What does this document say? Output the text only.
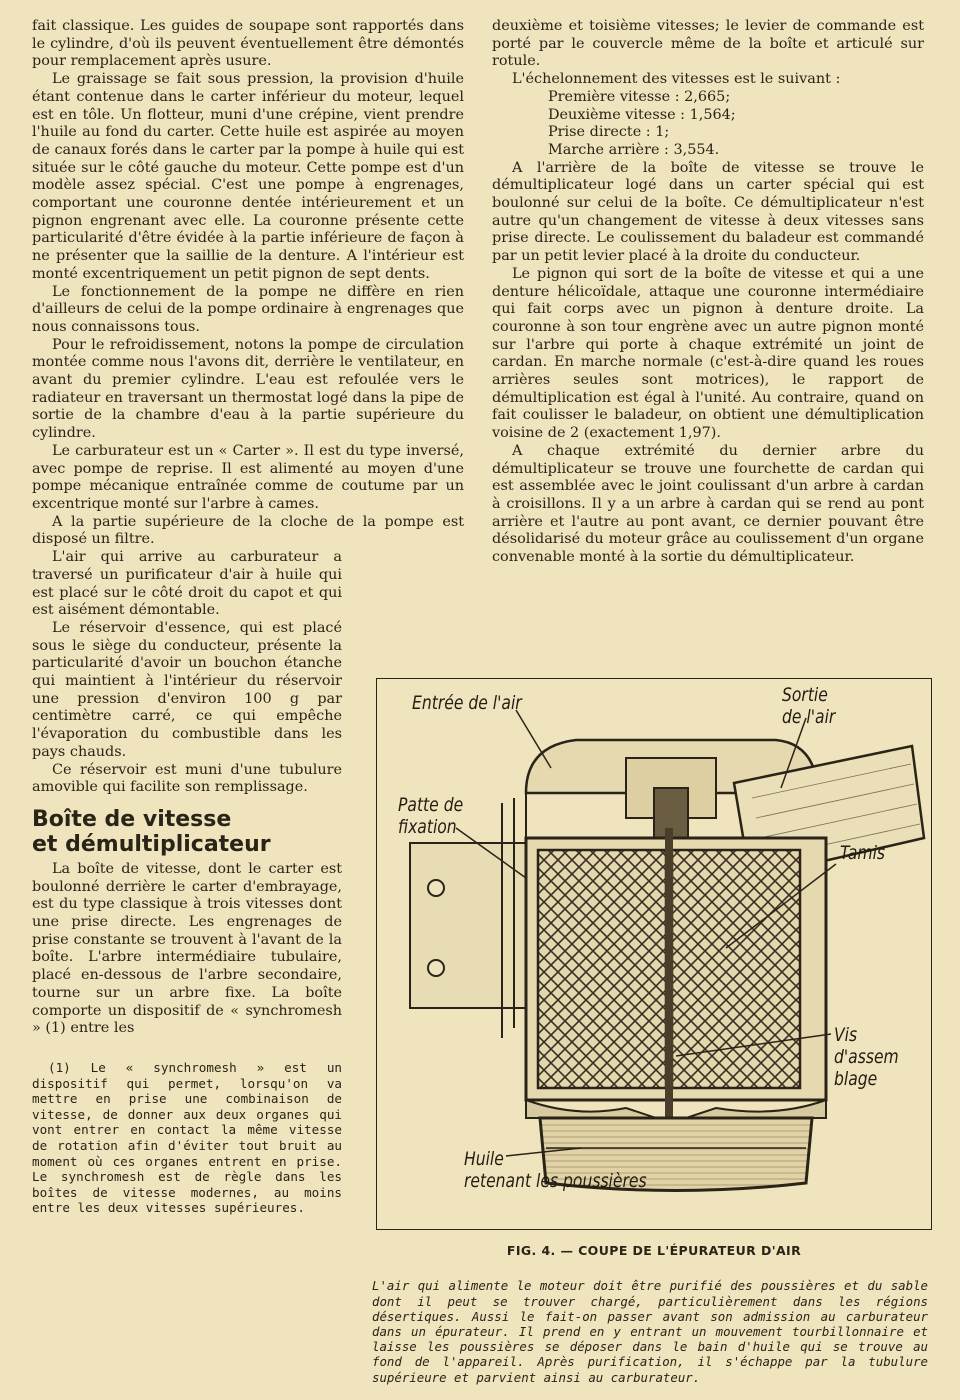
fait classique. Les guides de soupape sont rapportés dans le cylindre, d'où ils peuvent éventuellement être démontés pour remplacement après usure.

Le graissage se fait sous pression, la provision d'huile étant contenue dans le carter inférieur du moteur, lequel est en tôle. Un flotteur, muni d'une crépine, vient prendre l'huile au fond du carter. Cette huile est aspirée au moyen de canaux forés dans le carter par la pompe à huile qui est située sur le côté gauche du moteur. Cette pompe est d'un modèle assez spécial. C'est une pompe à engrenages, comportant une couronne dentée intérieurement et un pignon engrenant avec elle. La couronne présente cette particularité d'être évidée à la partie inférieure de façon à ne présenter que la saillie de la denture. A l'intérieur est monté excentriquement un petit pignon de sept dents.

Le fonctionnement de la pompe ne diffère en rien d'ailleurs de celui de la pompe ordinaire à engrenages que nous connaissons tous.

Pour le refroidissement, notons la pompe de circulation montée comme nous l'avons dit, derrière le ventilateur, en avant du premier cylindre. L'eau est refoulée vers le radiateur en traversant un thermostat logé dans la pipe de sortie de la chambre d'eau à la partie supérieure du cylindre.

Le carburateur est un « Carter ». Il est du type inversé, avec pompe de reprise. Il est alimenté au moyen d'une pompe mécanique entraînée comme de coutume par un excentrique monté sur l'arbre à cames.

A la partie supérieure de la cloche de la pompe est disposé un filtre.

L'air qui arrive au carburateur a traversé un purificateur d'air à huile qui est placé sur le côté droit du capot et qui est aisément démontable.

Le réservoir d'essence, qui est placé sous le siège du conducteur, présente la particularité d'avoir un bouchon étanche qui maintient à l'intérieur du réservoir une pression d'environ 100 g par centimètre carré, ce qui empêche l'évaporation du combustible dans les pays chauds.

Ce réservoir est muni d'une tubulure amovible qui facilite son remplissage.

Boîte de vitesse
et démultiplicateur

La boîte de vitesse, dont le carter est boulonné derrière le carter d'embrayage, est du type classique à trois vitesses dont une prise directe. Les engrenages de prise constante se trouvent à l'avant de la boîte. L'arbre intermédiaire tubulaire, placé en-dessous de l'arbre secondaire, tourne sur un arbre fixe. La boîte comporte un dispositif de « synchromesh » (1) entre les

(1) Le « synchromesh » est un dispositif qui permet, lorsqu'on va mettre en prise une combinaison de vitesse, de donner aux deux organes qui vont entrer en contact la même vitesse de rotation afin d'éviter tout bruit au moment où ces organes entrent en prise. Le synchromesh est de règle dans les boîtes de vitesse modernes, au moins entre les deux vitesses supérieures.

deuxième et toisième vitesses; le levier de commande est porté par le couvercle même de la boîte et articulé sur rotule.

L'échelonnement des vitesses est le suivant :

Première vitesse : 2,665;
Deuxième vitesse : 1,564;
Prise directe : 1;
Marche arrière : 3,554.

A l'arrière de la boîte de vitesse se trouve le démultiplicateur logé dans un carter spécial qui est boulonné sur celui de la boîte. Ce démultiplicateur n'est autre qu'un changement de vitesse à deux vitesses sans prise directe. Le coulissement du baladeur est commandé par un petit levier placé à la droite du conducteur.

Le pignon qui sort de la boîte de vitesse et qui a une denture hélicoïdale, attaque une couronne intermédiaire qui fait corps avec un pignon à denture droite. La couronne à son tour engrène avec un autre pignon monté sur l'arbre qui porte à chaque extrémité un joint de cardan. En marche normale (c'est-à-dire quand les roues arrières seules sont motrices), le rapport de démultiplication est égal à l'unité. Au contraire, quand on fait coulisser le baladeur, on obtient une démultiplication voisine de 2 (exactement 1,97).

A chaque extrémité du dernier arbre du démultiplicateur se trouve une fourchette de cardan qui est assemblée avec le joint coulissant d'un arbre à cardan à croisillons. Il y a un arbre à cardan qui se rend au pont arrière et l'autre au pont avant, ce dernier pouvant être désolidarisé du moteur grâce au coulissement d'un organe convenable monté à la sortie du démultiplicateur.

Entrée de l'air	Sortie
de l'air
Patte de
fixation
Tamis
Vis
d'assem
blage
Huile
retenant les poussières
FIG. 4. — COUPE DE L'ÉPURATEUR D'AIR

L'air qui alimente le moteur doit être purifié des poussières et du sable dont il peut se trouver chargé, particulièrement dans les régions désertiques. Aussi le fait-on passer avant son admission au carburateur dans un épurateur. Il prend en y entrant un mouvement tourbillonnaire et laisse les poussières se déposer dans le bain d'huile qui se trouve au fond de l'appareil. Après purification, il s'échappe par la tubulure supérieure et parvient ainsi au carburateur.
